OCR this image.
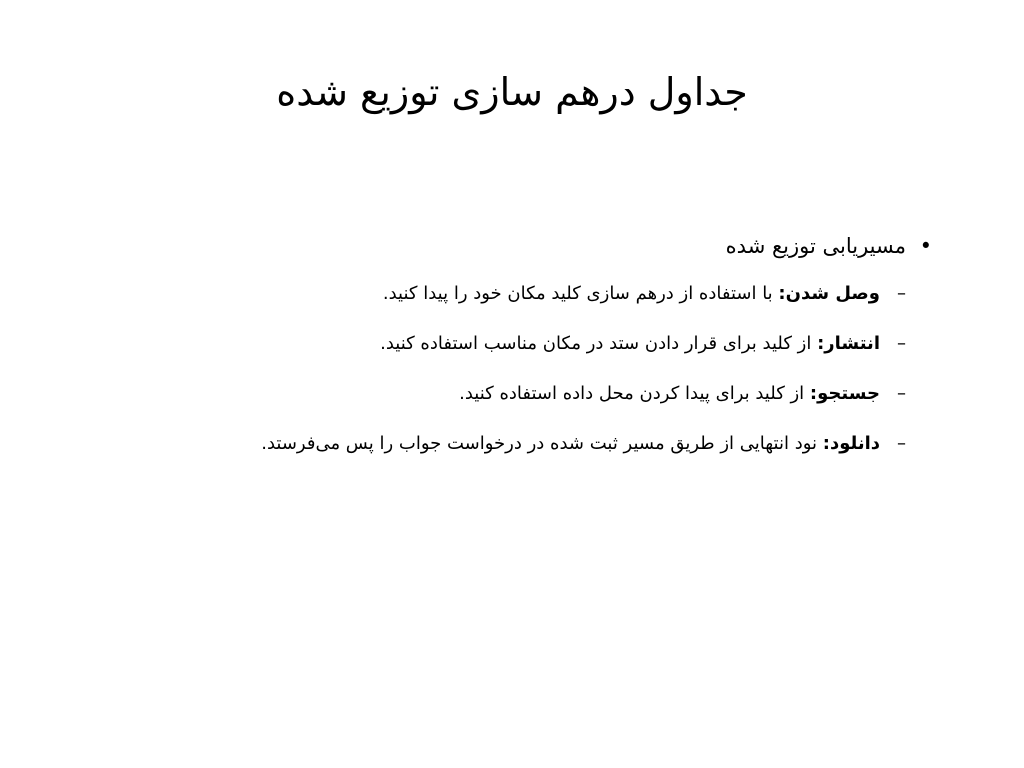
جداول درهم سازی توزیع شده
•
مسیریابی توزیع شده
–
وصل شدن: با استفاده از درهم سازی کلید مکان خود را پیدا کنید.
–
انتشار: از کلید برای قرار دادن ستد در مکان مناسب استفاده کنید.
–
جستجو: از کلید برای پیدا کردن محل داده استفاده کنید.
–
دانلود: نود انتهایی از طریق مسیر ثبت شده در درخواست جواب را پس می‌فرستد.
